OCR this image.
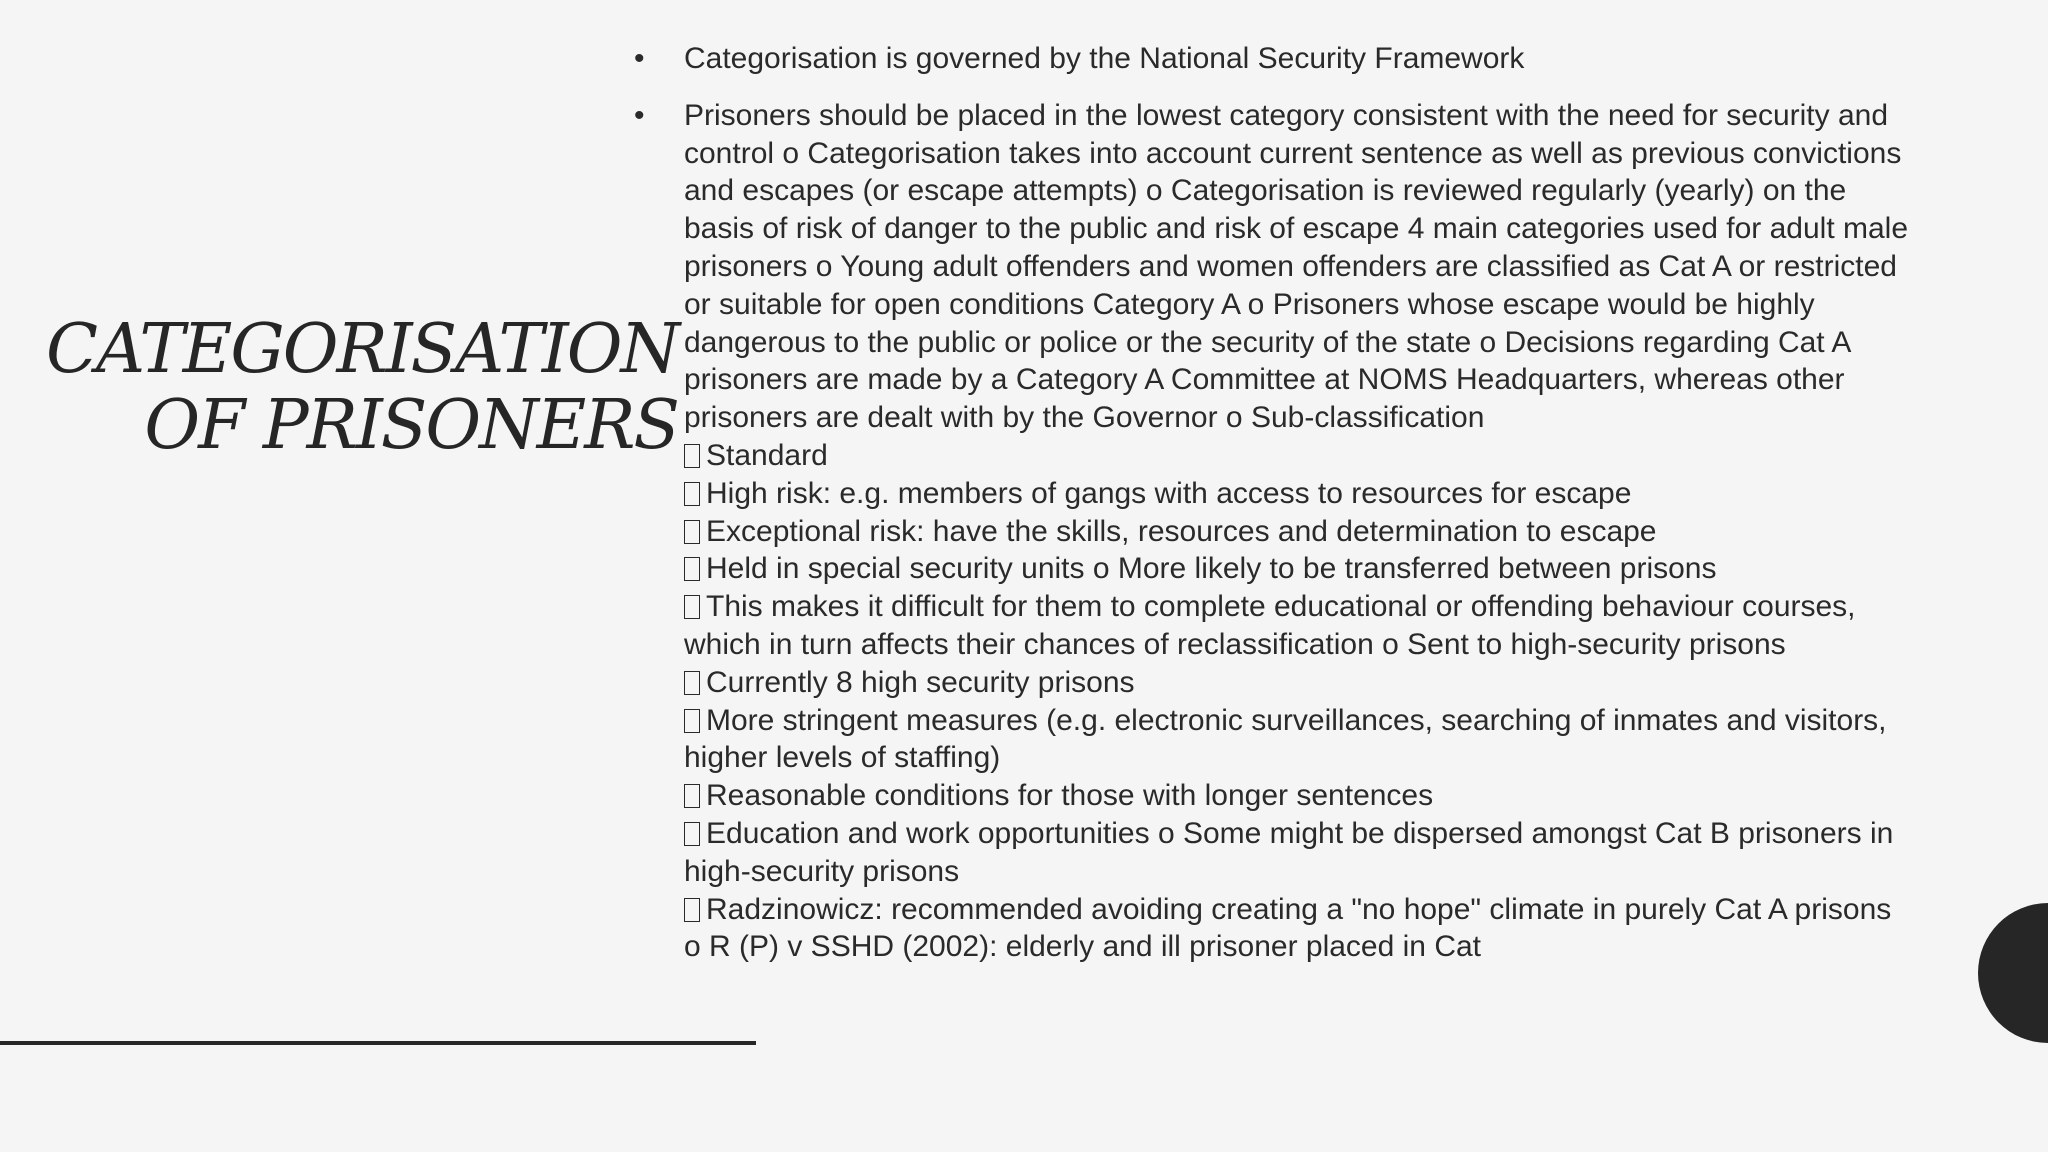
CATEGORISATION
OF PRISONERS
• Categorisation is governed by the National Security Framework
• Prisoners should be placed in the lowest category consistent with the need for security and control o Categorisation takes into account current sentence as well as previous convictions and escapes (or escape attempts) o Categorisation is reviewed regularly (yearly) on the basis of risk of danger to the public and risk of escape 4 main categories used for adult male prisoners o Young adult offenders and women offenders are classified as Cat A or restricted or suitable for open conditions Category A o Prisoners whose escape would be highly dangerous to the public or police or the security of the state o Decisions regarding Cat A prisoners are made by a Category A Committee at NOMS Headquarters, whereas other prisoners are dealt with by the Governor o Sub-classification
Standard
High risk: e.g. members of gangs with access to resources for escape
Exceptional risk: have the skills, resources and determination to escape
Held in special security units o More likely to be transferred between prisons
This makes it difficult for them to complete educational or offending behaviour courses, which in turn affects their chances of reclassification o Sent to high-security prisons
Currently 8 high security prisons
More stringent measures (e.g. electronic surveillances, searching of inmates and visitors, higher levels of staffing)
Reasonable conditions for those with longer sentences
Education and work opportunities o Some might be dispersed amongst Cat B prisoners in high-security prisons
Radzinowicz: recommended avoiding creating a "no hope" climate in purely Cat A prisons o R (P) v SSHD (2002): elderly and ill prisoner placed in Cat
